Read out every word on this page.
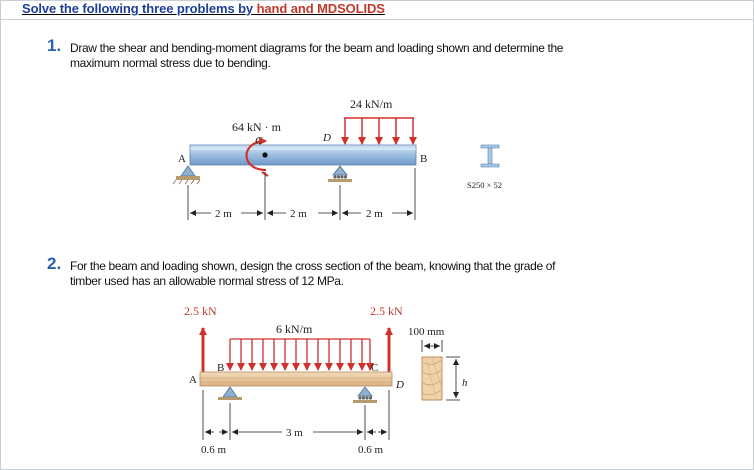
Solve the following three problems by hand and MDSOLIDS
1. Draw the shear and bending-moment diagrams for the beam and loading shown and determine the
maximum normal stress due to bending.
2. For the beam and loading shown, design the cross section of the beam, knowing that the grade of
timber used has an allowable normal stress of 12 MPa.
24 kN/m
64 kN · m
C	D
A	B
S250 × 52
2 m	2 m	2 m
2.5 kN	2.5 kN
6 kN/m
B
A
C
D
3 m
0.6 m	0.6 m
100 mm
h
